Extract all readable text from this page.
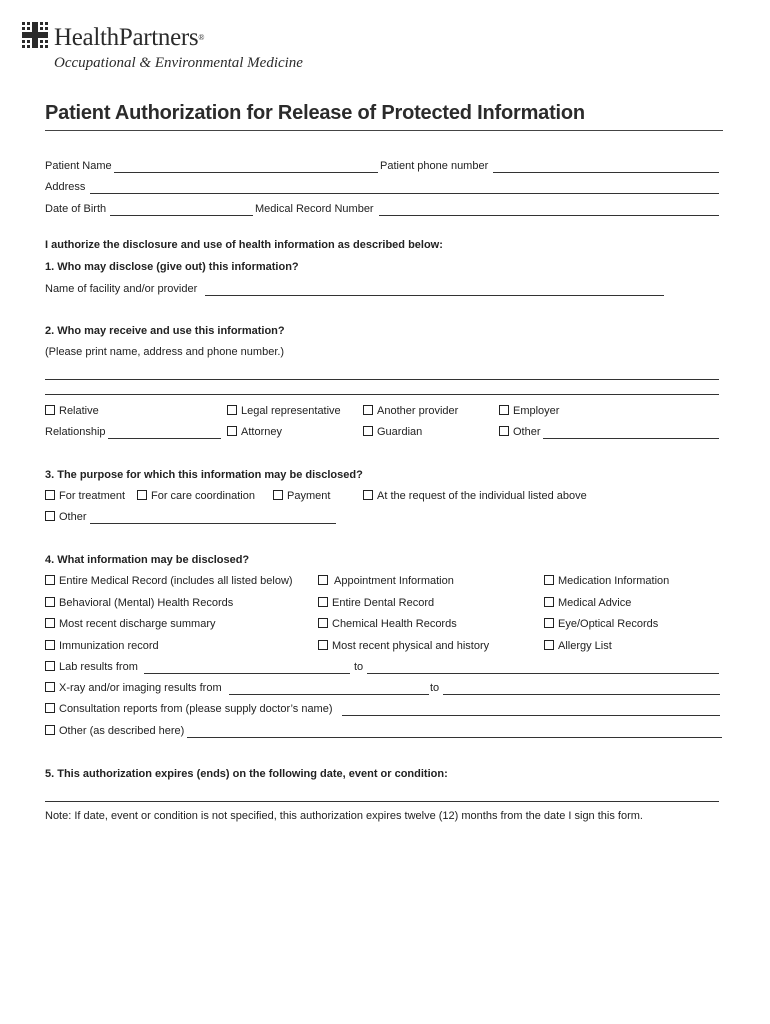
HealthPartners®
Occupational & Environmental Medicine
Patient Authorization for Release of Protected Information
Patient Name	Patient phone number
Address
Date of Birth	Medical Record Number
I authorize the disclosure and use of health information as described below:
1. Who may disclose (give out) this information?
Name of facility and/or provider
2. Who may receive and use this information?
(Please print name, address and phone number.)
Relative	Legal representative	Another provider	Employer
Relationship	Attorney	Guardian	Other
3. The purpose for which this information may be disclosed?
For treatment	For care coordination	Payment	At the request of the individual listed above
Other
4. What information may be disclosed?
Entire Medical Record (includes all listed below)	Appointment Information	Medication Information
Behavioral (Mental) Health Records	Entire Dental Record	Medical Advice
Most recent discharge summary	Chemical Health Records	Eye/Optical Records
Immunization record	Most recent physical and history	Allergy List
Lab results from	to
X-ray and/or imaging results from	to
Consultation reports from (please supply doctor’s name)
Other (as described here)
5. This authorization expires (ends) on the following date, event or condition:
Note: If date, event or condition is not specified, this authorization expires twelve (12) months from the date I sign this form.
